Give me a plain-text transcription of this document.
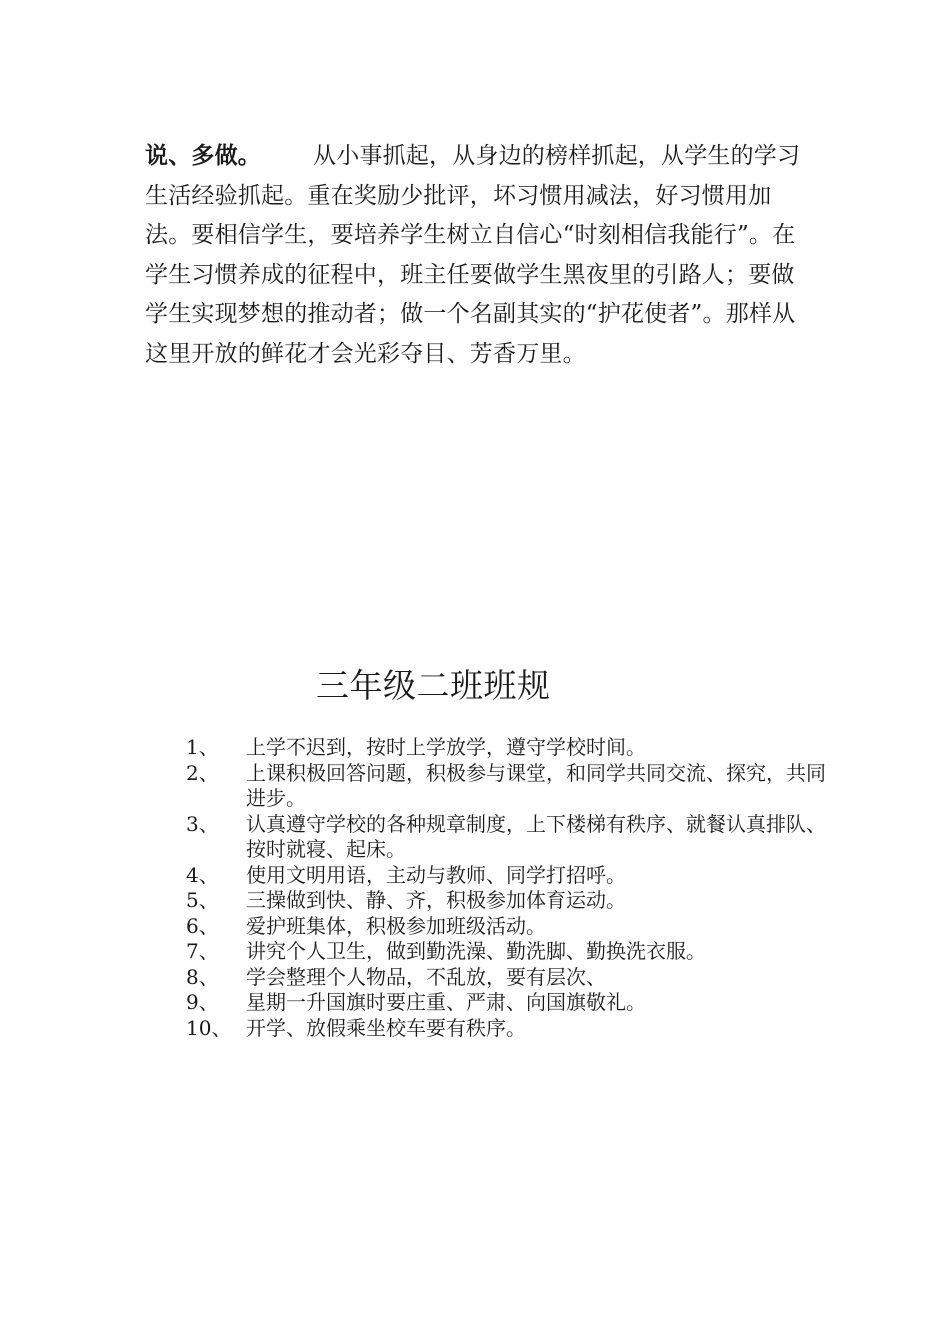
说、多做。 从小事抓起，从身边的榜样抓起，从学生的学习生活经验抓起。重在奖励少批评，坏习惯用减法，好习惯用加法。要相信学生，要培养学生树立自信心“时刻相信我能行”。在学生习惯养成的征程中，班主任要做学生黑夜里的引路人；要做学生实现梦想的推动者；做一个名副其实的“护花使者”。那样从这里开放的鲜花才会光彩夺目、芳香万里。

三年级二班班规
1、	上学不迟到，按时上学放学，遵守学校时间。
2、	上课积极回答问题，积极参与课堂，和同学共同交流、探究，共同进步。
3、	认真遵守学校的各种规章制度，上下楼梯有秩序、就餐认真排队、按时就寝、起床。
4、	使用文明用语，主动与教师、同学打招呼。
5、	三操做到快、静、齐，积极参加体育运动。
6、	爱护班集体，积极参加班级活动。
7、	讲究个人卫生，做到勤洗澡、勤洗脚、勤换洗衣服。
8、	学会整理个人物品，不乱放，要有层次、
9、	星期一升国旗时要庄重、严肃、向国旗敬礼。
10、 开学、放假乘坐校车要有秩序。
